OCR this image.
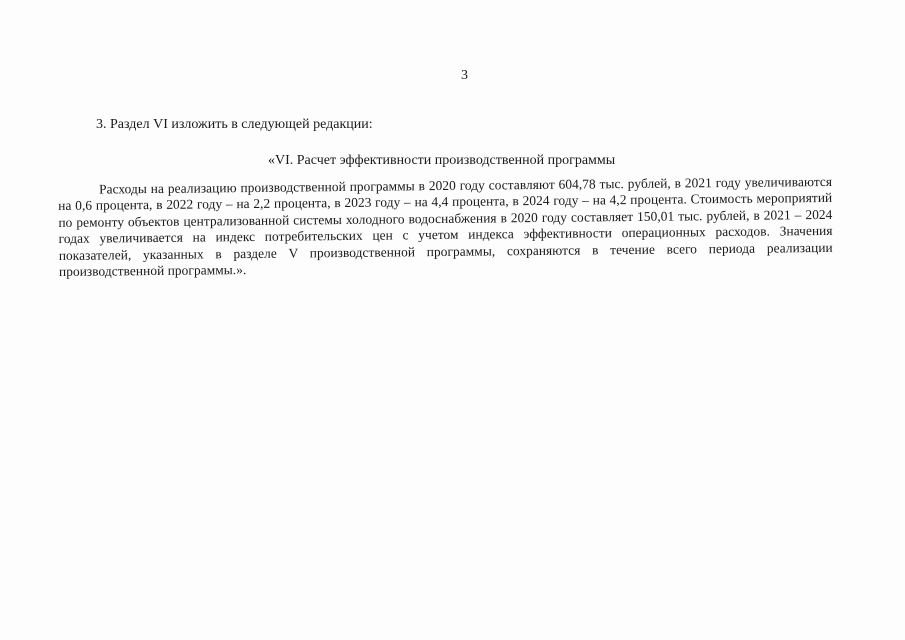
3
3. Раздел VI изложить в следующей редакции:
«VI. Расчет эффективности производственной программы

Расходы на реализацию производственной программы в 2020 году составляют 604,78 тыс. рублей, в 2021 году увеличиваются на 0,6 процента, в 2022 году – на 2,2 процента, в 2023 году – на 4,4 процента, в 2024 году – на 4,2 процента. Стоимость мероприятий по ремонту объектов централизованной системы холодного водоснабжения в 2020 году составляет 150,01 тыс. рублей, в 2021 – 2024 годах увеличивается на индекс потребительских цен с учетом индекса эффективности операционных расходов. Значения показателей, указанных в разделе V производственной программы, сохраняются в течение всего периода реализации производственной программы.».
